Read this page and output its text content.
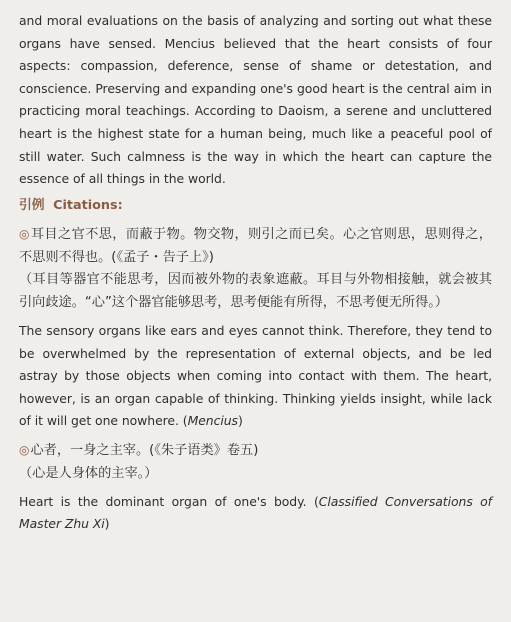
and moral evaluations on the basis of analyzing and sorting out what these organs have sensed. Mencius believed that the heart consists of four aspects: compassion, deference, sense of shame or detestation, and conscience. Preserving and expanding one's good heart is the central aim in practicing moral teachings. According to Daoism, a serene and uncluttered heart is the highest state for a human being, much like a peaceful pool of still water. Such calmness is the way in which the heart can capture the essence of all things in the world.

引例 Citations:

◎耳目之官不思，而蔽于物。物交物，则引之而已矣。心之官则思，思则得之，不思则不得也。(《孟子・告子上》)

（耳目等器官不能思考，因而被外物的表象遮蔽。耳目与外物相接触，就会被其引向歧途。“心”这个器官能够思考，思考便能有所得，不思考便无所得。）

The sensory organs like ears and eyes cannot think. Therefore, they tend to be overwhelmed by the representation of external objects, and be led astray by those objects when coming into contact with them. The heart, however, is an organ capable of thinking. Thinking yields insight, while lack of it will get one nowhere. (Mencius)

◎心者，一身之主宰。(《朱子语类》卷五)

（心是人身体的主宰。）

Heart is the dominant organ of one's body. (Classified Conversations of Master Zhu Xi)
